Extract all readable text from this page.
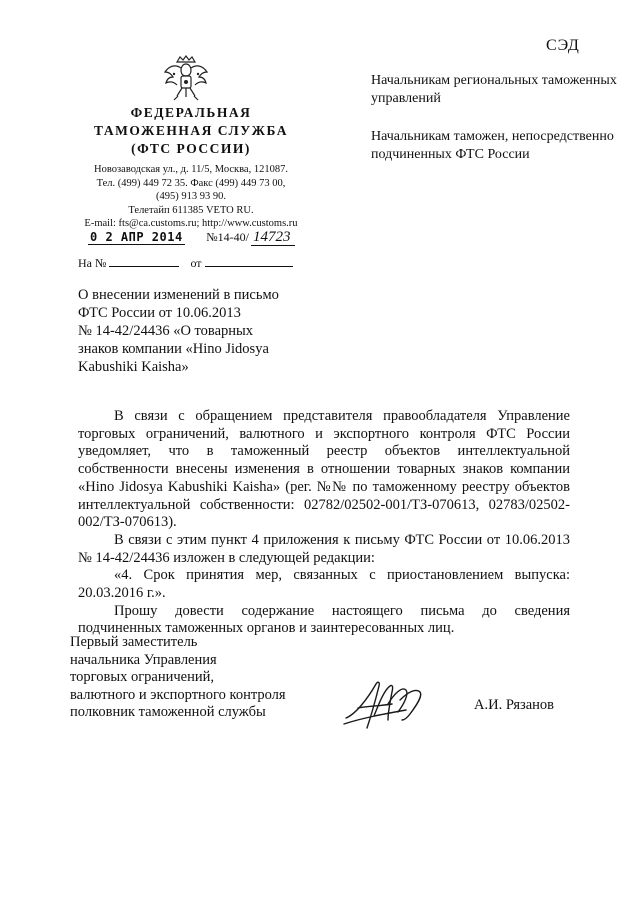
СЭД
ФЕДЕРАЛЬНАЯ
ТАМОЖЕННАЯ СЛУЖБА
(ФТС РОССИИ)
Новозаводская ул., д. 11/5, Москва, 121087.
Тел. (499) 449 72 35. Факс (499) 449 73 00,
(495) 913 93 90.
Телетайп 611385 VETO RU.
E-mail: fts@ca.customs.ru; http://www.customs.ru
0 2 АПР 2014 №14-40/ 14723
На №	от

Начальникам региональных таможенных управлений

Начальникам таможен, непосредственно подчиненных ФТС России

О внесении изменений в письмо
ФТС России от 10.06.2013
№ 14-42/24436 «О товарных
знаков компании «Hino Jidosya
Kabushiki Kaisha»

В связи с обращением представителя правообладателя Управление торговых ограничений, валютного и экспортного контроля ФТС России уведомляет, что в таможенный реестр объектов интеллектуальной собственности внесены изменения в отношении товарных знаков компании «Hino Jidosya Kabushiki Kaisha» (рег. №№ по таможенному реестру объектов интеллектуальной собственности: 02782/02502-001/ТЗ-070613, 02783/02502-002/ТЗ-070613).

В связи с этим пункт 4 приложения к письму ФТС России от 10.06.2013 № 14-42/24436 изложен в следующей редакции:

«4. Срок принятия мер, связанных с приостановлением выпуска: 20.03.2016 г.».

Прошу довести содержание настоящего письма до сведения подчиненных таможенных органов и заинтересованных лиц.

Первый заместитель
начальника Управления
торговых ограничений,
валютного и экспортного контроля
полковник таможенной службы	А.И. Рязанов
